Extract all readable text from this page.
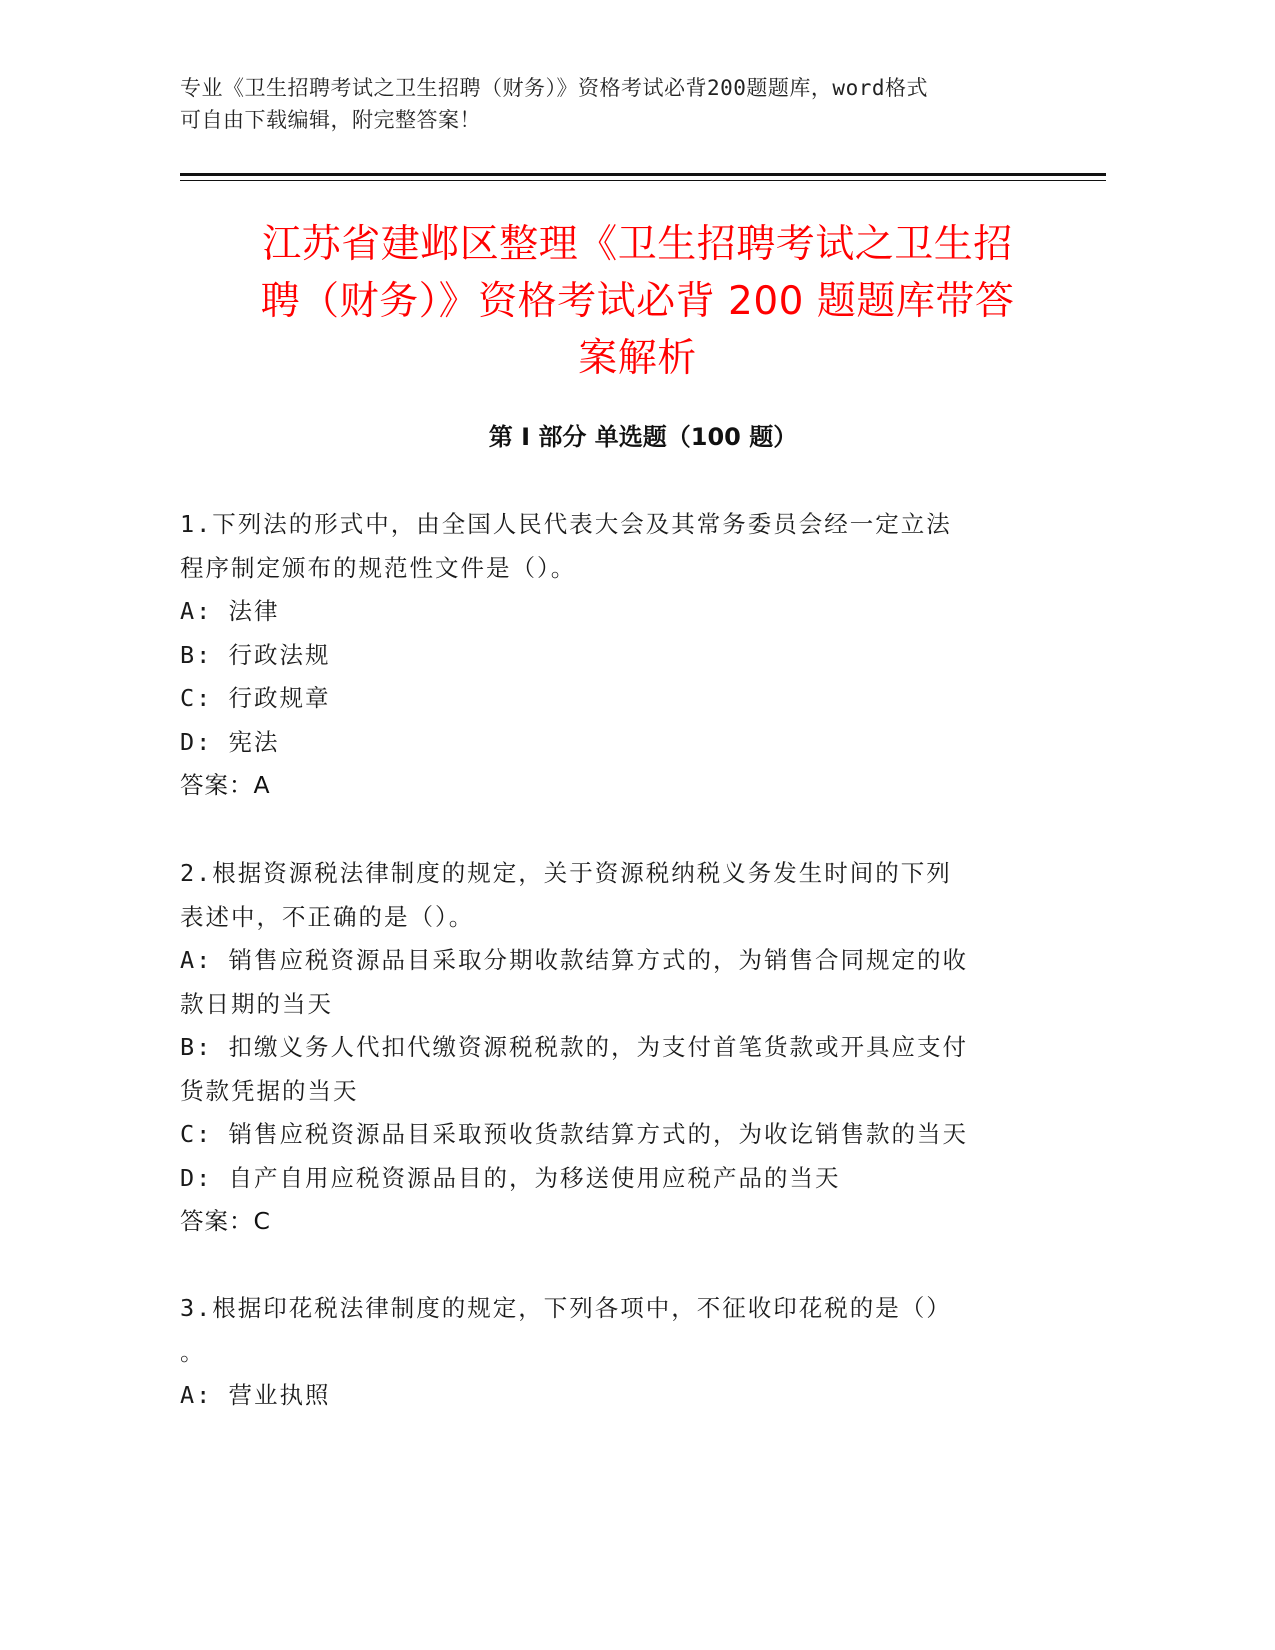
专业《卫生招聘考试之卫生招聘（财务）》资格考试必背200题题库，word格式
可自由下载编辑，附完整答案！
江苏省建邺区整理《卫生招聘考试之卫生招
聘（财务）》资格考试必背 200 题题库带答
案解析
第 I 部分 单选题（100 题）
1.下列法的形式中，由全国人民代表大会及其常务委员会经一定立法
程序制定颁布的规范性文件是（）。
A: 法律
B: 行政法规
C: 行政规章
D: 宪法
答案：A
2.根据资源税法律制度的规定，关于资源税纳税义务发生时间的下列
表述中，不正确的是（）。
A: 销售应税资源品目采取分期收款结算方式的，为销售合同规定的收
款日期的当天
B: 扣缴义务人代扣代缴资源税税款的，为支付首笔货款或开具应支付
货款凭据的当天
C: 销售应税资源品目采取预收货款结算方式的，为收讫销售款的当天
D: 自产自用应税资源品目的，为移送使用应税产品的当天
答案：C
3.根据印花税法律制度的规定，下列各项中，不征收印花税的是（）
。
A: 营业执照
